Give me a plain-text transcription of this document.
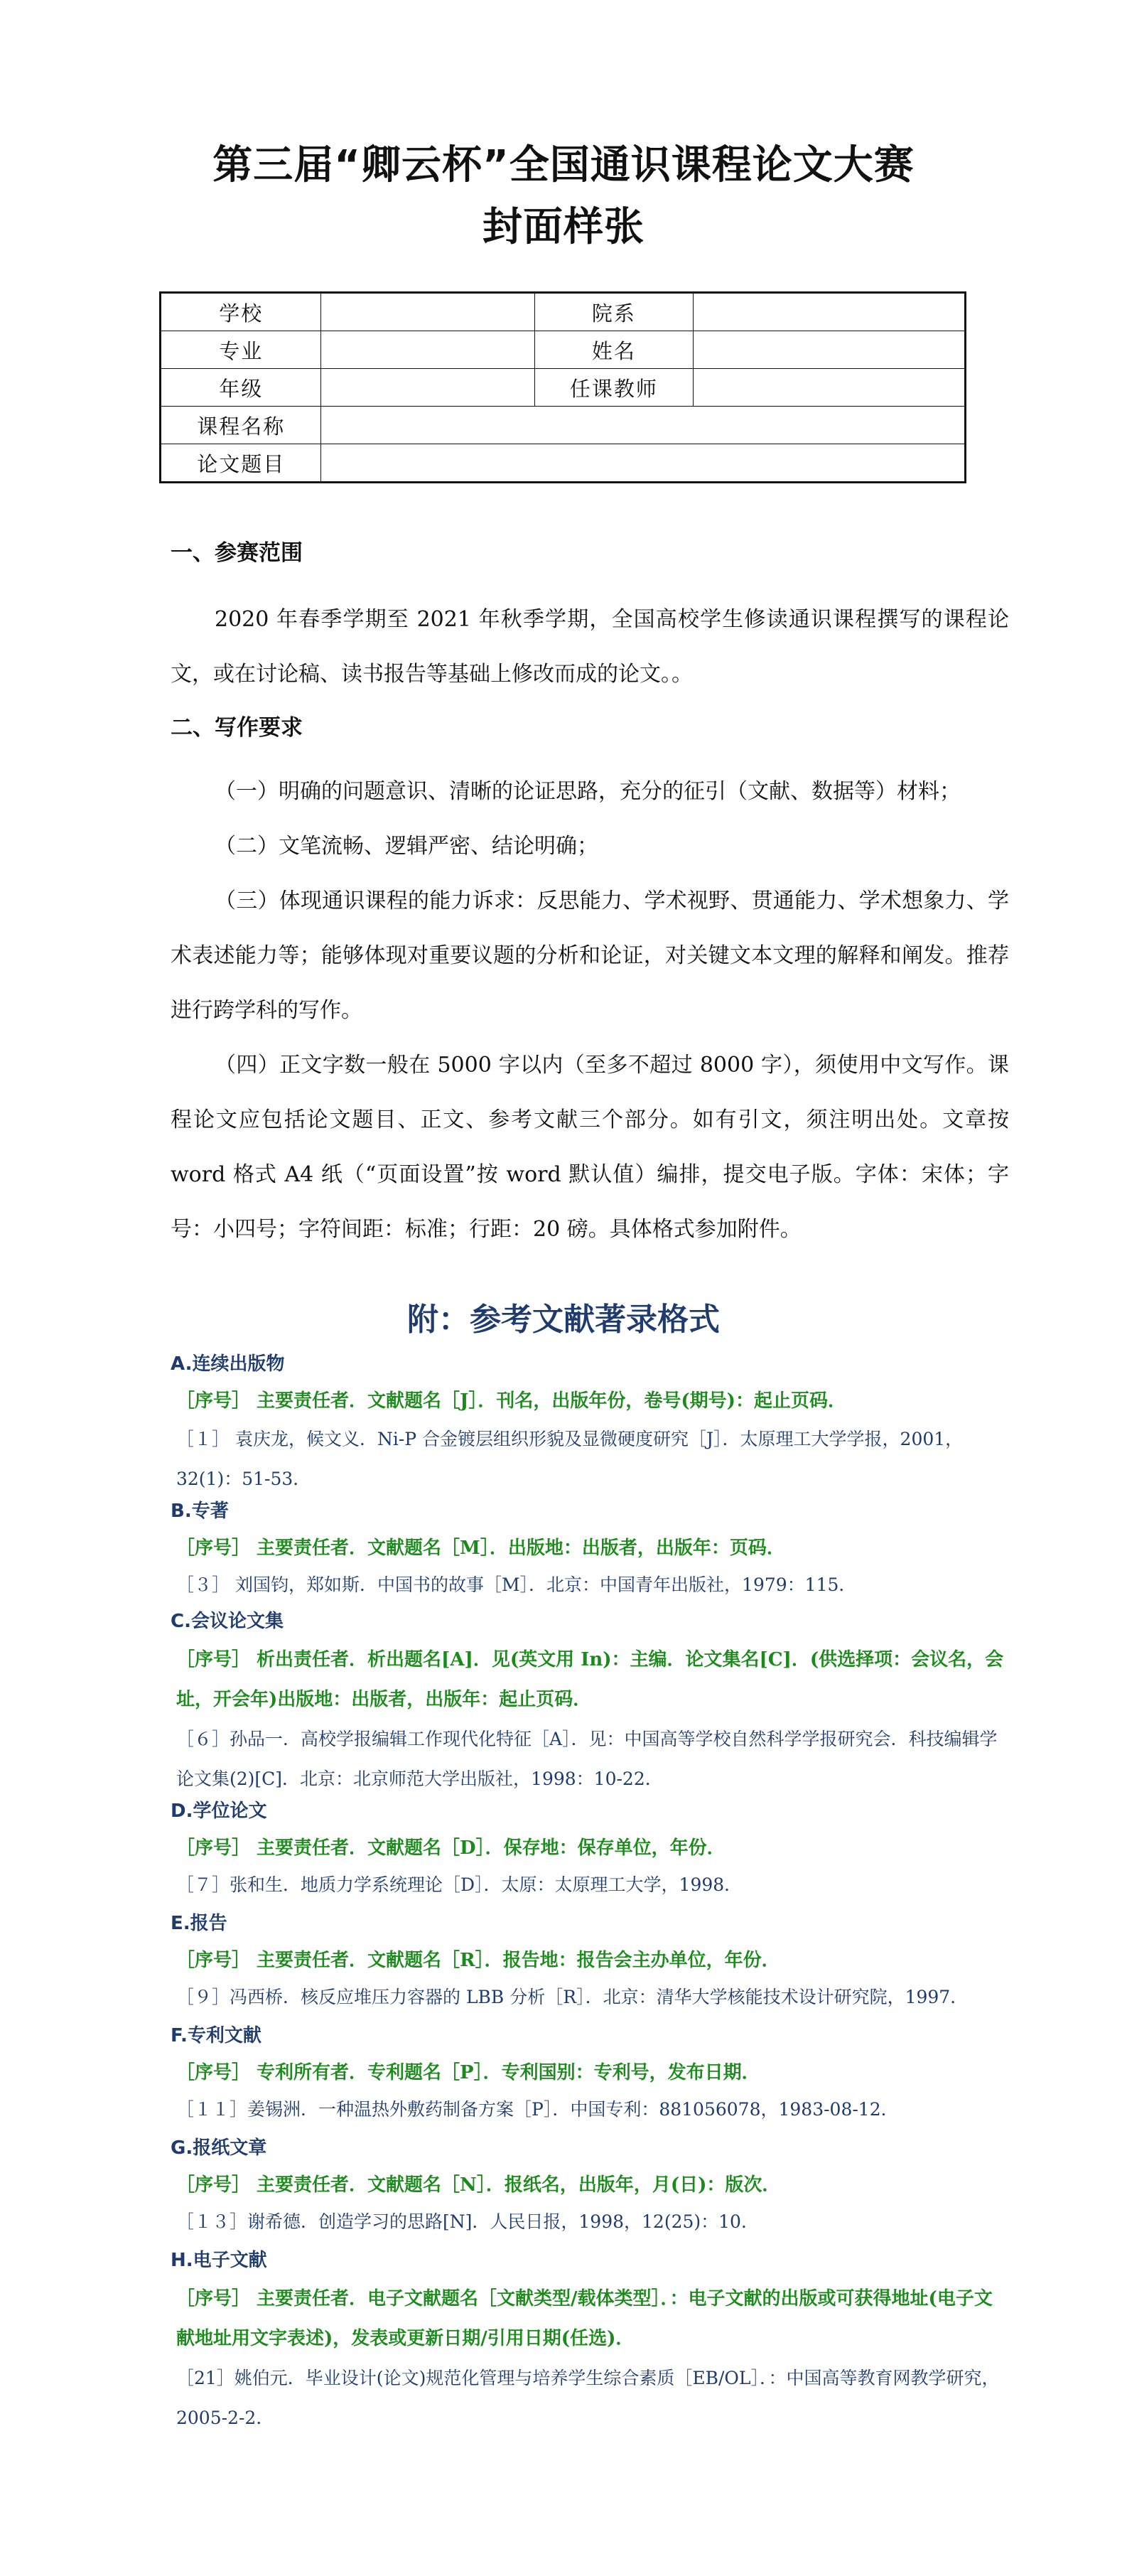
第三届“卿云杯”全国通识课程论文大赛
封面样张
学校		院系	
专业		姓名	
年级		任课教师	
课程名称			
论文题目			
一、参赛范围
2020 年春季学期至 2021 年秋季学期，全国高校学生修读通识课程撰写的课程论文，或在讨论稿、读书报告等基础上修改而成的论文。。
二、写作要求
（一）明确的问题意识、清晰的论证思路，充分的征引（文献、数据等）材料；
（二）文笔流畅、逻辑严密、结论明确；
（三）体现通识课程的能力诉求：反思能力、学术视野、贯通能力、学术想象力、学术表述能力等；能够体现对重要议题的分析和论证，对关键文本文理的解释和阐发。推荐进行跨学科的写作。
（四）正文字数一般在 5000 字以内（至多不超过 8000 字），须使用中文写作。课程论文应包括论文题目、正文、参考文献三个部分。如有引文，须注明出处。文章按 word 格式 A4 纸（“页面设置”按 word 默认值）编排，提交电子版。字体：宋体；字号：小四号；字符间距：标准；行距：20 磅。具体格式参加附件。
附：参考文献著录格式
A.连续出版物
［序号］ 主要责任者．文献题名［J］．刊名，出版年份，卷号(期号)：起止页码．
［１］ 袁庆龙，候文义．Ni-P 合金镀层组织形貌及显微硬度研究［J］．太原理工大学学报，2001，32(1)：51-53．
B.专著
［序号］ 主要责任者．文献题名［M］．出版地：出版者，出版年：页码．
［３］ 刘国钧，郑如斯．中国书的故事［M］．北京：中国青年出版社，1979：115．
C.会议论文集
［序号］ 析出责任者．析出题名[A]．见(英文用 In)：主编．论文集名[C]．(供选择项：会议名，会址，开会年)出版地：出版者，出版年：起止页码．
［６］孙品一．高校学报编辑工作现代化特征［A］．见：中国高等学校自然科学学报研究会．科技编辑学论文集(2)[C]．北京：北京师范大学出版社，1998：10-22．
D.学位论文
［序号］ 主要责任者．文献题名［D］．保存地：保存单位，年份．
［７］张和生．地质力学系统理论［D］．太原：太原理工大学，1998．
E.报告
［序号］ 主要责任者．文献题名［R］．报告地：报告会主办单位，年份．
［９］冯西桥．核反应堆压力容器的 LBB 分析［R］．北京：清华大学核能技术设计研究院，1997．
F.专利文献
［序号］ 专利所有者．专利题名［P］．专利国别：专利号，发布日期．
［１１］姜锡洲．一种温热外敷药制备方案［P］．中国专利：881056078，1983-08-12．
G.报纸文章
［序号］ 主要责任者．文献题名［N］．报纸名，出版年，月(日)：版次．
［１３］谢希德．创造学习的思路[N]．人民日报，1998，12(25)：10．
H.电子文献
［序号］ 主要责任者．电子文献题名［文献类型/载体类型］．：电子文献的出版或可获得地址(电子文献地址用文字表述)，发表或更新日期/引用日期(任选)．
［21］姚伯元．毕业设计(论文)规范化管理与培养学生综合素质［EB/OL］．：中国高等教育网教学研究，2005-2-2．
